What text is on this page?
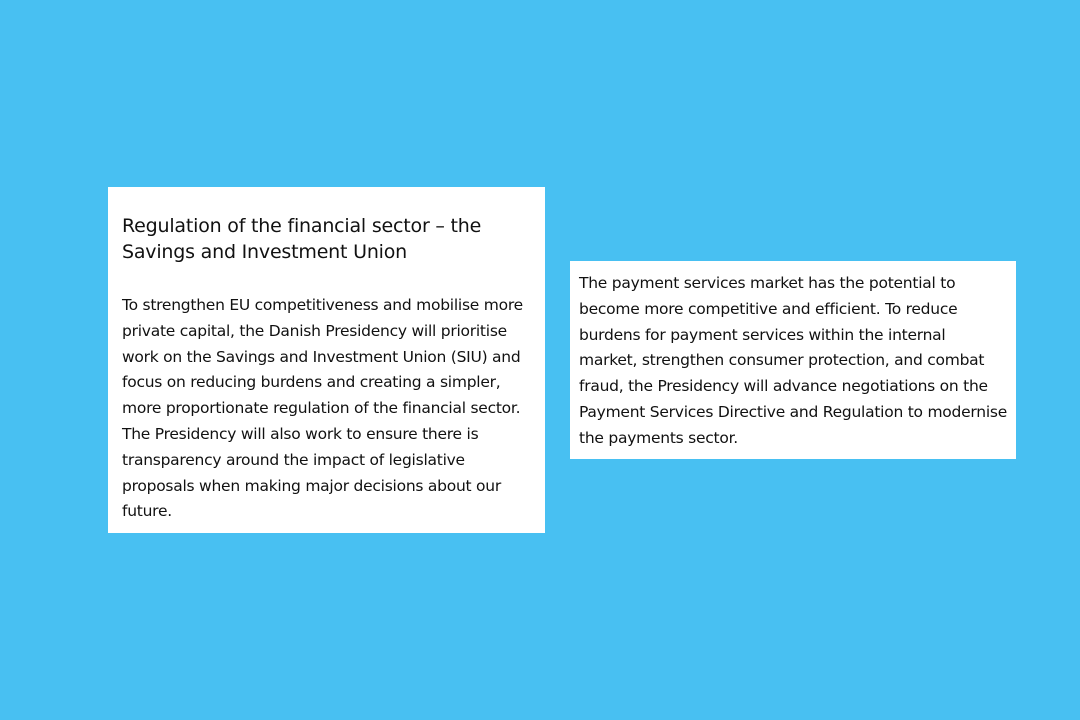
Regulation of the financial sector – the Savings and Investment Union

To strengthen EU competitiveness and mobilise more private capital, the Danish Presidency will prioritise work on the Savings and Investment Union (SIU) and focus on reducing burdens and creating a simpler, more proportionate regulation of the financial sector. The Presidency will also work to ensure there is transparency around the impact of legislative proposals when making major decisions about our future.

The payment services market has the potential to become more competitive and efficient. To reduce burdens for payment services within the internal market, strengthen consumer protection, and combat fraud, the Presidency will advance negotiations on the Payment Services Directive and Regulation to modernise the payments sector.
